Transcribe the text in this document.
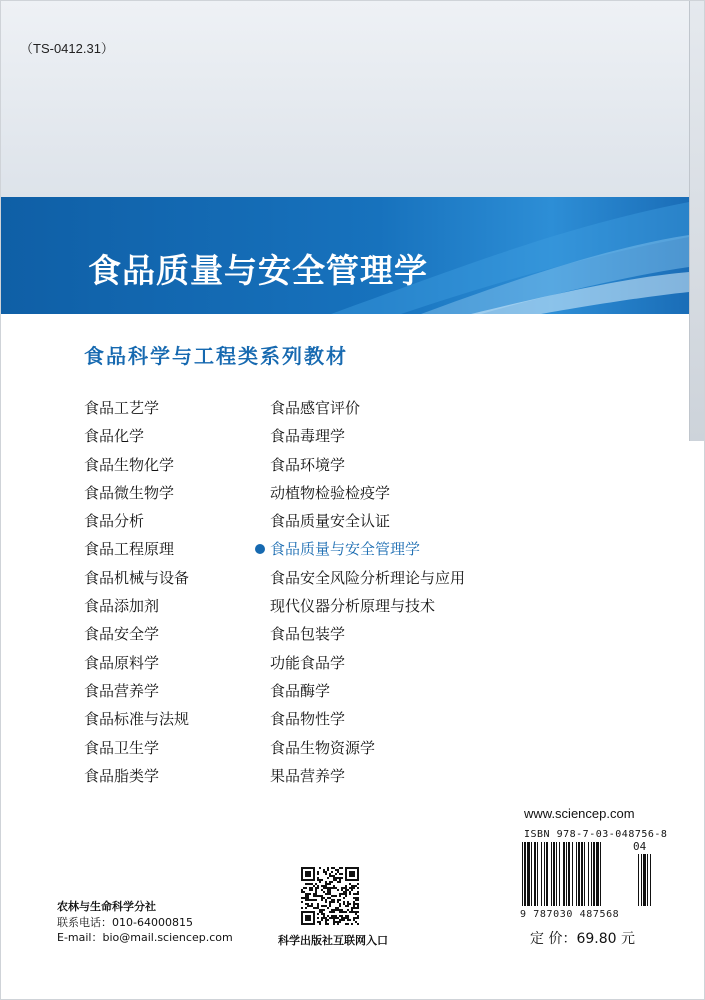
（TS-0412.31）
食品质量与安全管理学
食品科学与工程类系列教材
食品工艺学
食品化学
食品生物化学
食品微生物学
食品分析
食品工程原理
食品机械与设备
食品添加剂
食品安全学
食品原料学
食品营养学
食品标准与法规
食品卫生学
食品脂类学
食品感官评价
食品毒理学
食品环境学
动植物检验检疫学
食品质量安全认证
食品质量与安全管理学
食品安全风险分析理论与应用
现代仪器分析原理与技术
食品包装学
功能食品学
食品酶学
食品物性学
食品生物资源学
果品营养学
www.sciencep.com
ISBN 978-7-03-048756-8
04
9 787030 487568
定 价：69.80 元
农林与生命科学分社
联系电话：010-64000815
E-mail：bio@mail.sciencep.com	科学出版社互联网入口
